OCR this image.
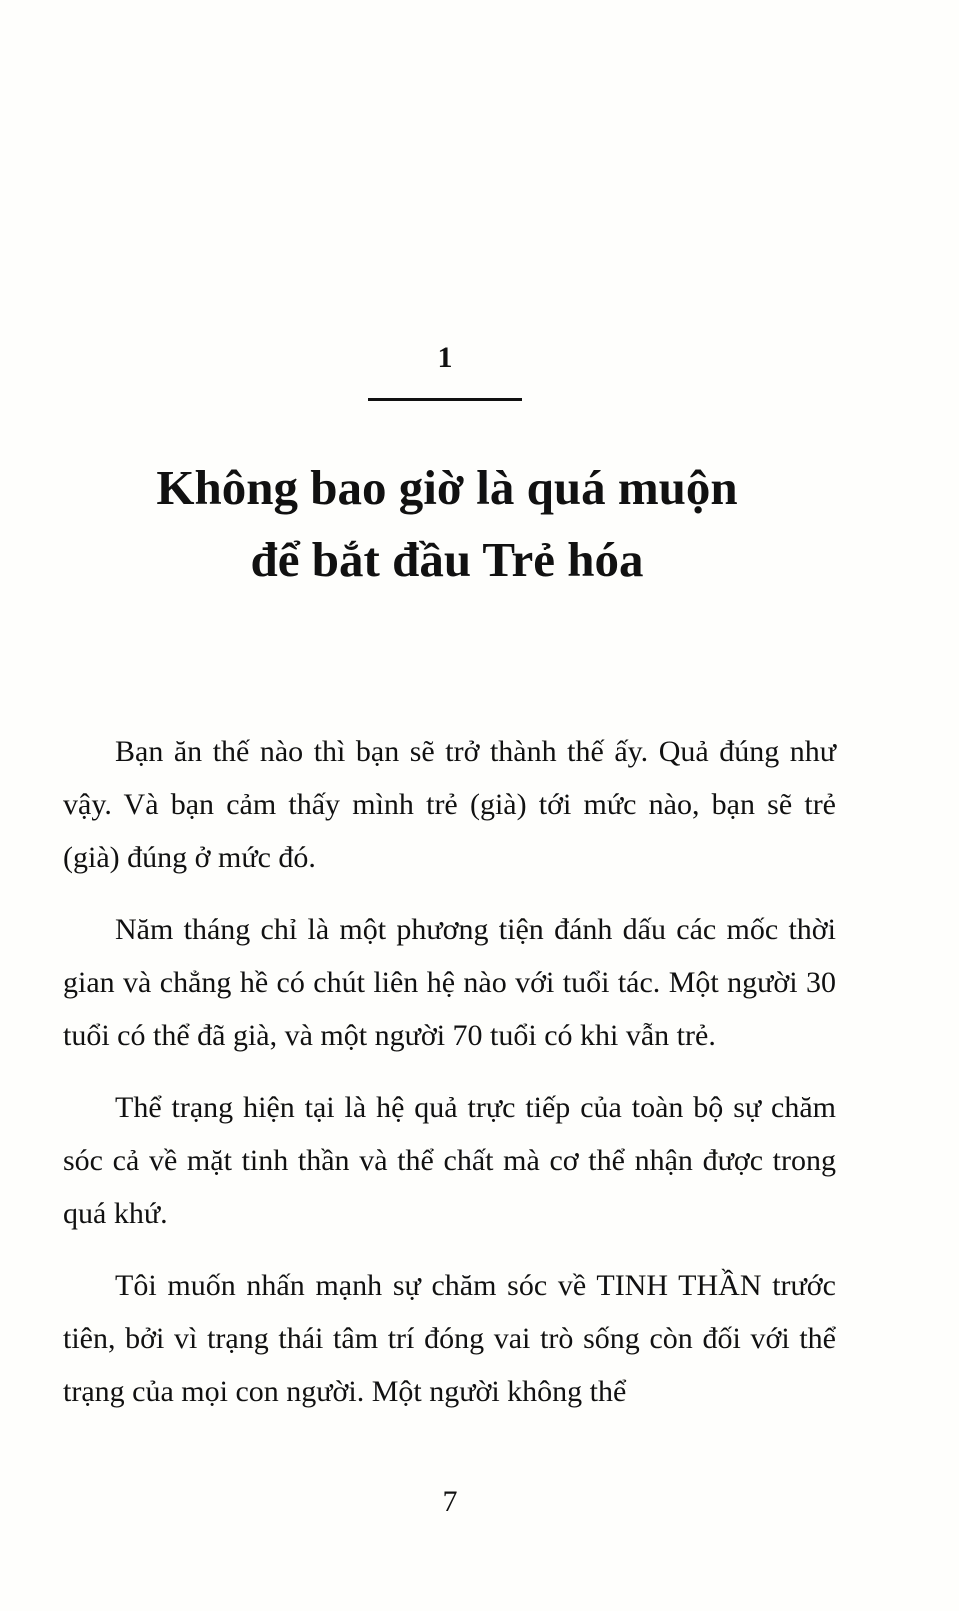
1
Không bao giờ là quá muộn
để bắt đầu Trẻ hóa

Bạn ăn thế nào thì bạn sẽ trở thành thế ấy. Quả đúng như vậy. Và bạn cảm thấy mình trẻ (già) tới mức nào, bạn sẽ trẻ (già) đúng ở mức đó.

Năm tháng chỉ là một phương tiện đánh dấu các mốc thời gian và chẳng hề có chút liên hệ nào với tuổi tác. Một người 30 tuổi có thể đã già, và một người 70 tuổi có khi vẫn trẻ.

Thể trạng hiện tại là hệ quả trực tiếp của toàn bộ sự chăm sóc cả về mặt tinh thần và thể chất mà cơ thể nhận được trong quá khứ.

Tôi muốn nhấn mạnh sự chăm sóc về TINH THẦN trước tiên, bởi vì trạng thái tâm trí đóng vai trò sống còn đối với thể trạng của mọi con người. Một người không thể

7
